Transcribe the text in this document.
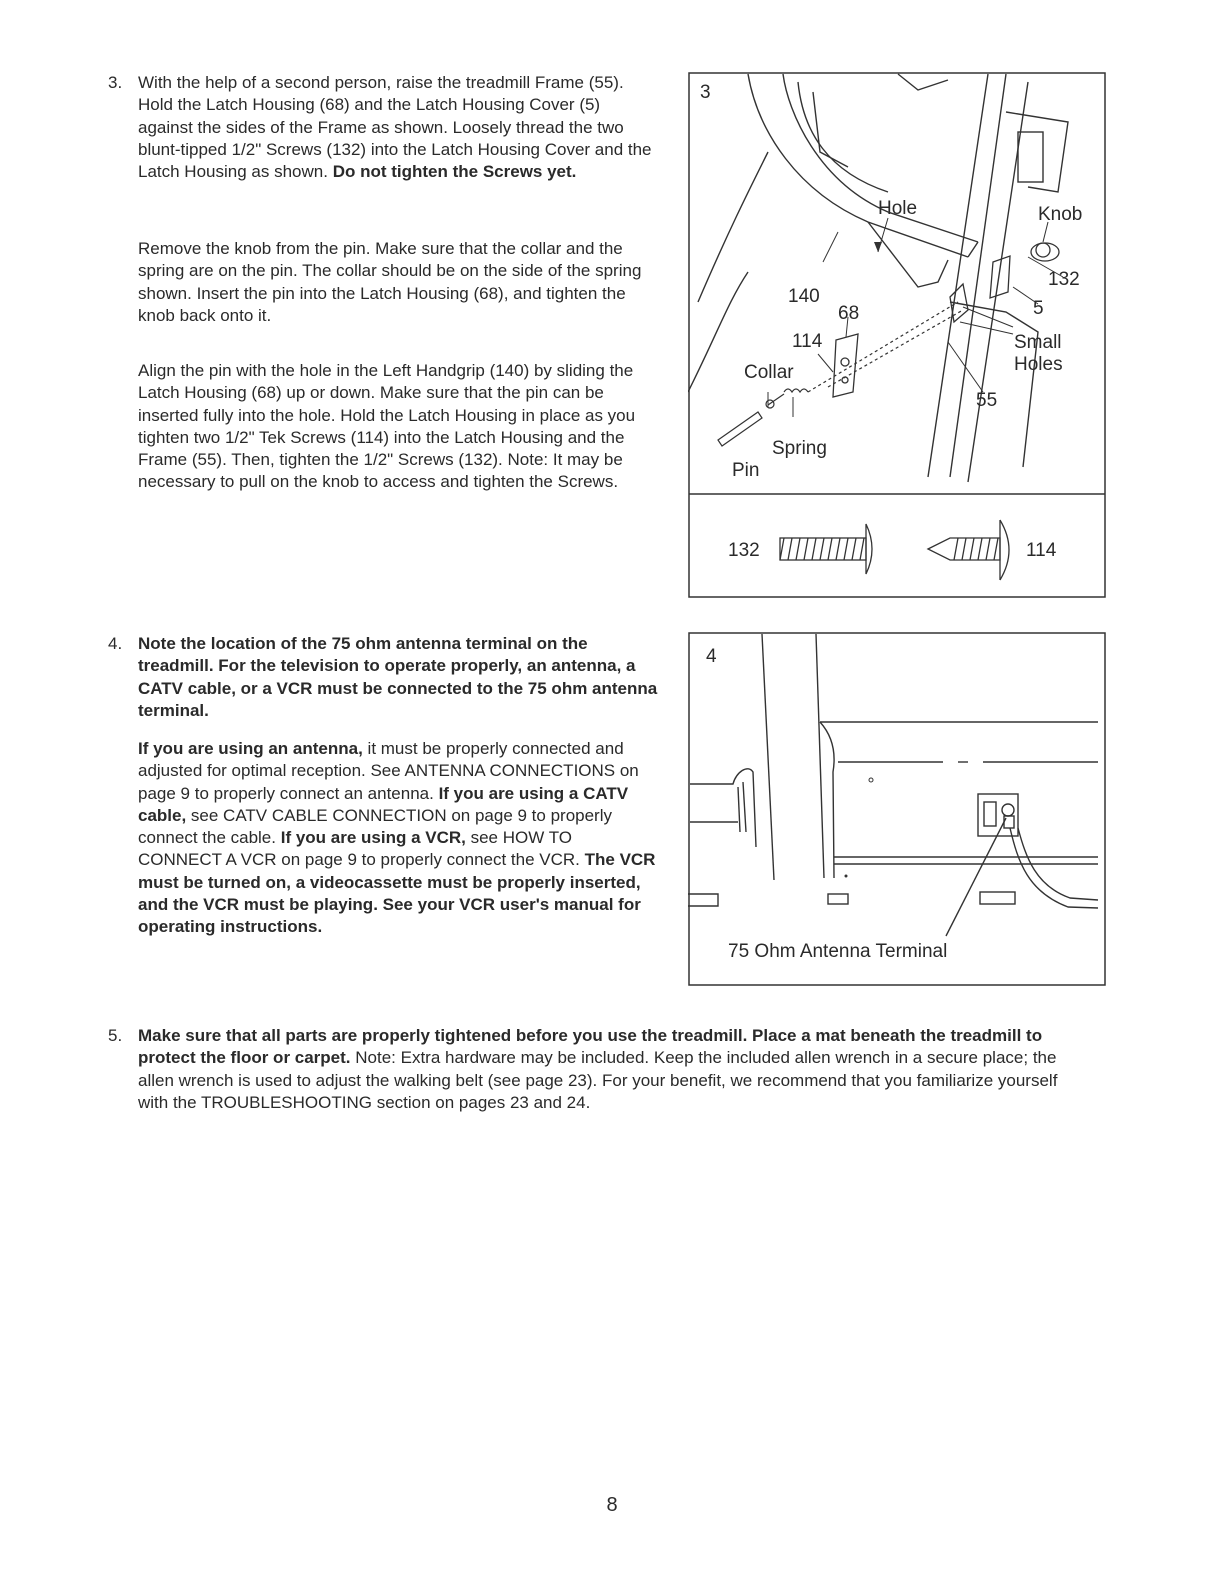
3. With the help of a second person, raise the treadmill Frame (55). Hold the Latch Housing (68) and the Latch Housing Cover (5) against the sides of the Frame as shown. Loosely thread the two blunt-tipped 1/2" Screws (132) into the Latch Housing Cover and the Latch Housing as shown. Do not tighten the Screws yet.

Remove the knob from the pin. Make sure that the collar and the spring are on the pin. The collar should be on the side of the spring shown. Insert the pin into the Latch Housing (68), and tighten the knob back onto it.

Align the pin with the hole in the Left Handgrip (140) by sliding the Latch Housing (68) up or down. Make sure that the pin can be inserted fully into the hole. Hold the Latch Housing in place as you tighten two 1/2" Tek Screws (114) into the Latch Housing and the Frame (55). Then, tighten the 1/2" Screws (132). Note: It may be necessary to pull on the knob to access and tighten the Screws.

3
Hole	Knob
132
140
68	5
114	Small
Holes
Collar
55
Spring
Pin
132	114
4. Note the location of the 75 ohm antenna terminal on the treadmill. For the television to operate properly, an antenna, a CATV cable, or a VCR must be connected to the 75 ohm antenna terminal.

If you are using an antenna, it must be properly connected and adjusted for optimal reception. See ANTENNA CONNECTIONS on page 9 to properly connect an antenna. If you are using a CATV cable, see CATV CABLE CONNECTION on page 9 to properly connect the cable. If you are using a VCR, see HOW TO CONNECT A VCR on page 9 to properly connect the VCR. The VCR must be turned on, a videocassette must be properly inserted, and the VCR must be playing. See your VCR user's manual for operating instructions.

4
75 Ohm Antenna Terminal
5. Make sure that all parts are properly tightened before you use the treadmill. Place a mat beneath the treadmill to protect the floor or carpet. Note: Extra hardware may be included. Keep the included allen wrench in a secure place; the allen wrench is used to adjust the walking belt (see page 23). For your benefit, we recommend that you familiarize yourself with the TROUBLESHOOTING section on pages 23 and 24.

8
